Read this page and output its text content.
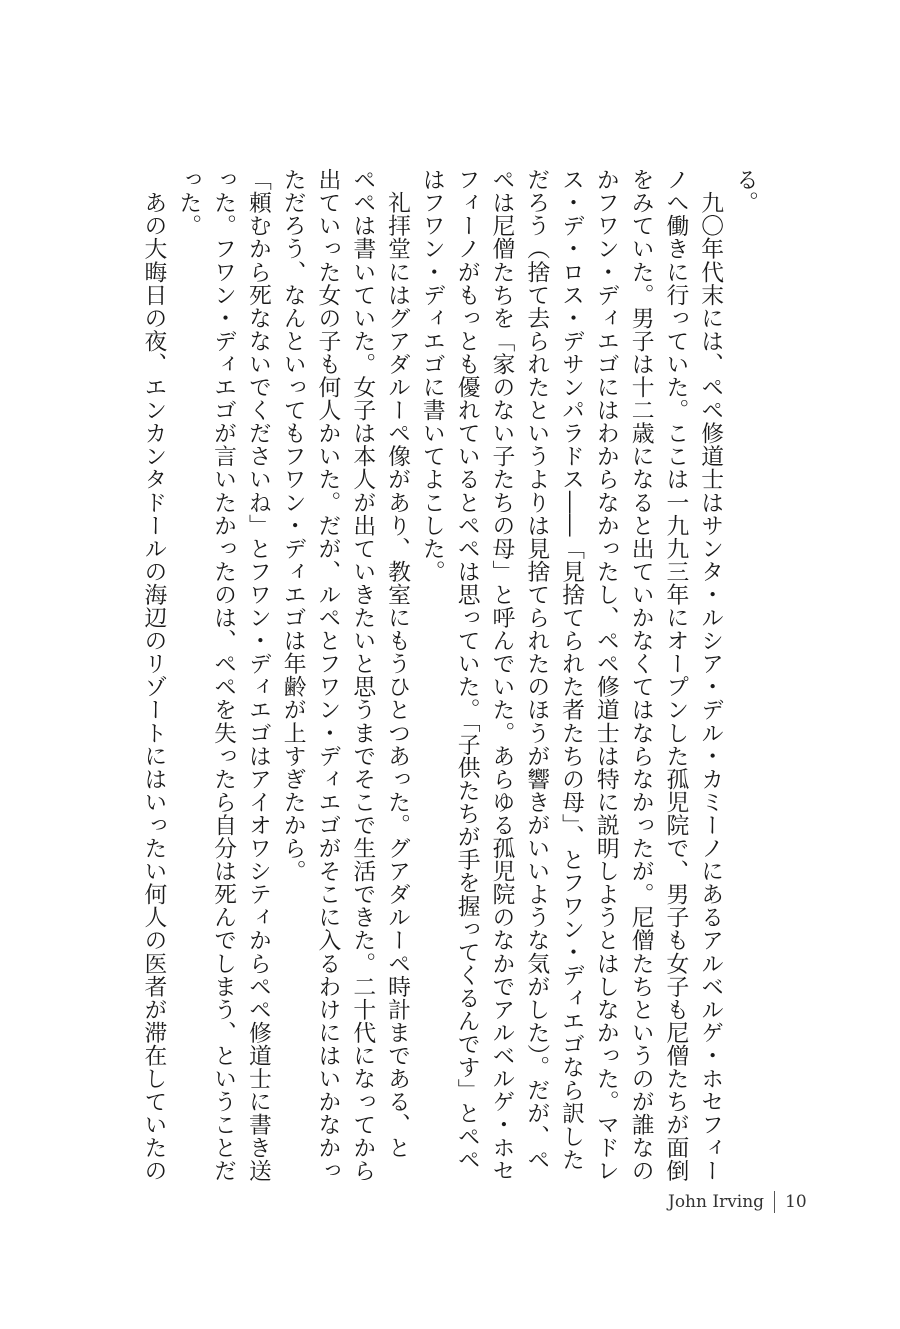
る。
　九〇年代末には、ペペ修道士はサンタ・ルシア・デル・カミーノにあるアルベルゲ・ホセフィー
ノへ働きに行っていた。ここは一九九三年にオープンした孤児院で、男子も女子も尼僧たちが面倒
をみていた。男子は十二歳になると出ていかなくてはならなかったが。尼僧たちというのが誰なの
かフワン・ディエゴにはわからなかったし、ペペ修道士は特に説明しようとはしなかった。マドレ
ス・デ・ロス・デサンパラドス――「見捨てられた者たちの母」、とフワン・ディエゴなら訳した
だろう（捨て去られたというよりは見捨てられたのほうが響きがいいような気がした）。だが、ペ
ペは尼僧たちを「家のない子たちの母」と呼んでいた。あらゆる孤児院のなかでアルベルゲ・ホセ
フィーノがもっとも優れているとペペは思っていた。「子供たちが手を握ってくるんです」とペペ
はフワン・ディエゴに書いてよこした。
　礼拝堂にはグアダルーペ像があり、教室にもうひとつあった。グアダルーペ時計まである、と
ペペは書いていた。女子は本人が出ていきたいと思うまでそこで生活できた。二十代になってから
出ていった女の子も何人かいた。だが、ルペとフワン・ディエゴがそこに入るわけにはいかなかっ
ただろう、なんといってもフワン・ディエゴは年齢が上すぎたから。
「頼むから死なないでくださいね」とフワン・ディエゴはアイオワシティからペペ修道士に書き送
った。フワン・ディエゴが言いたかったのは、ペペを失ったら自分は死んでしまう、ということだ
った。
　あの大晦日の夜、エンカンタドールの海辺のリゾートにはいったい何人の医者が滞在していたの
John Irving 10
